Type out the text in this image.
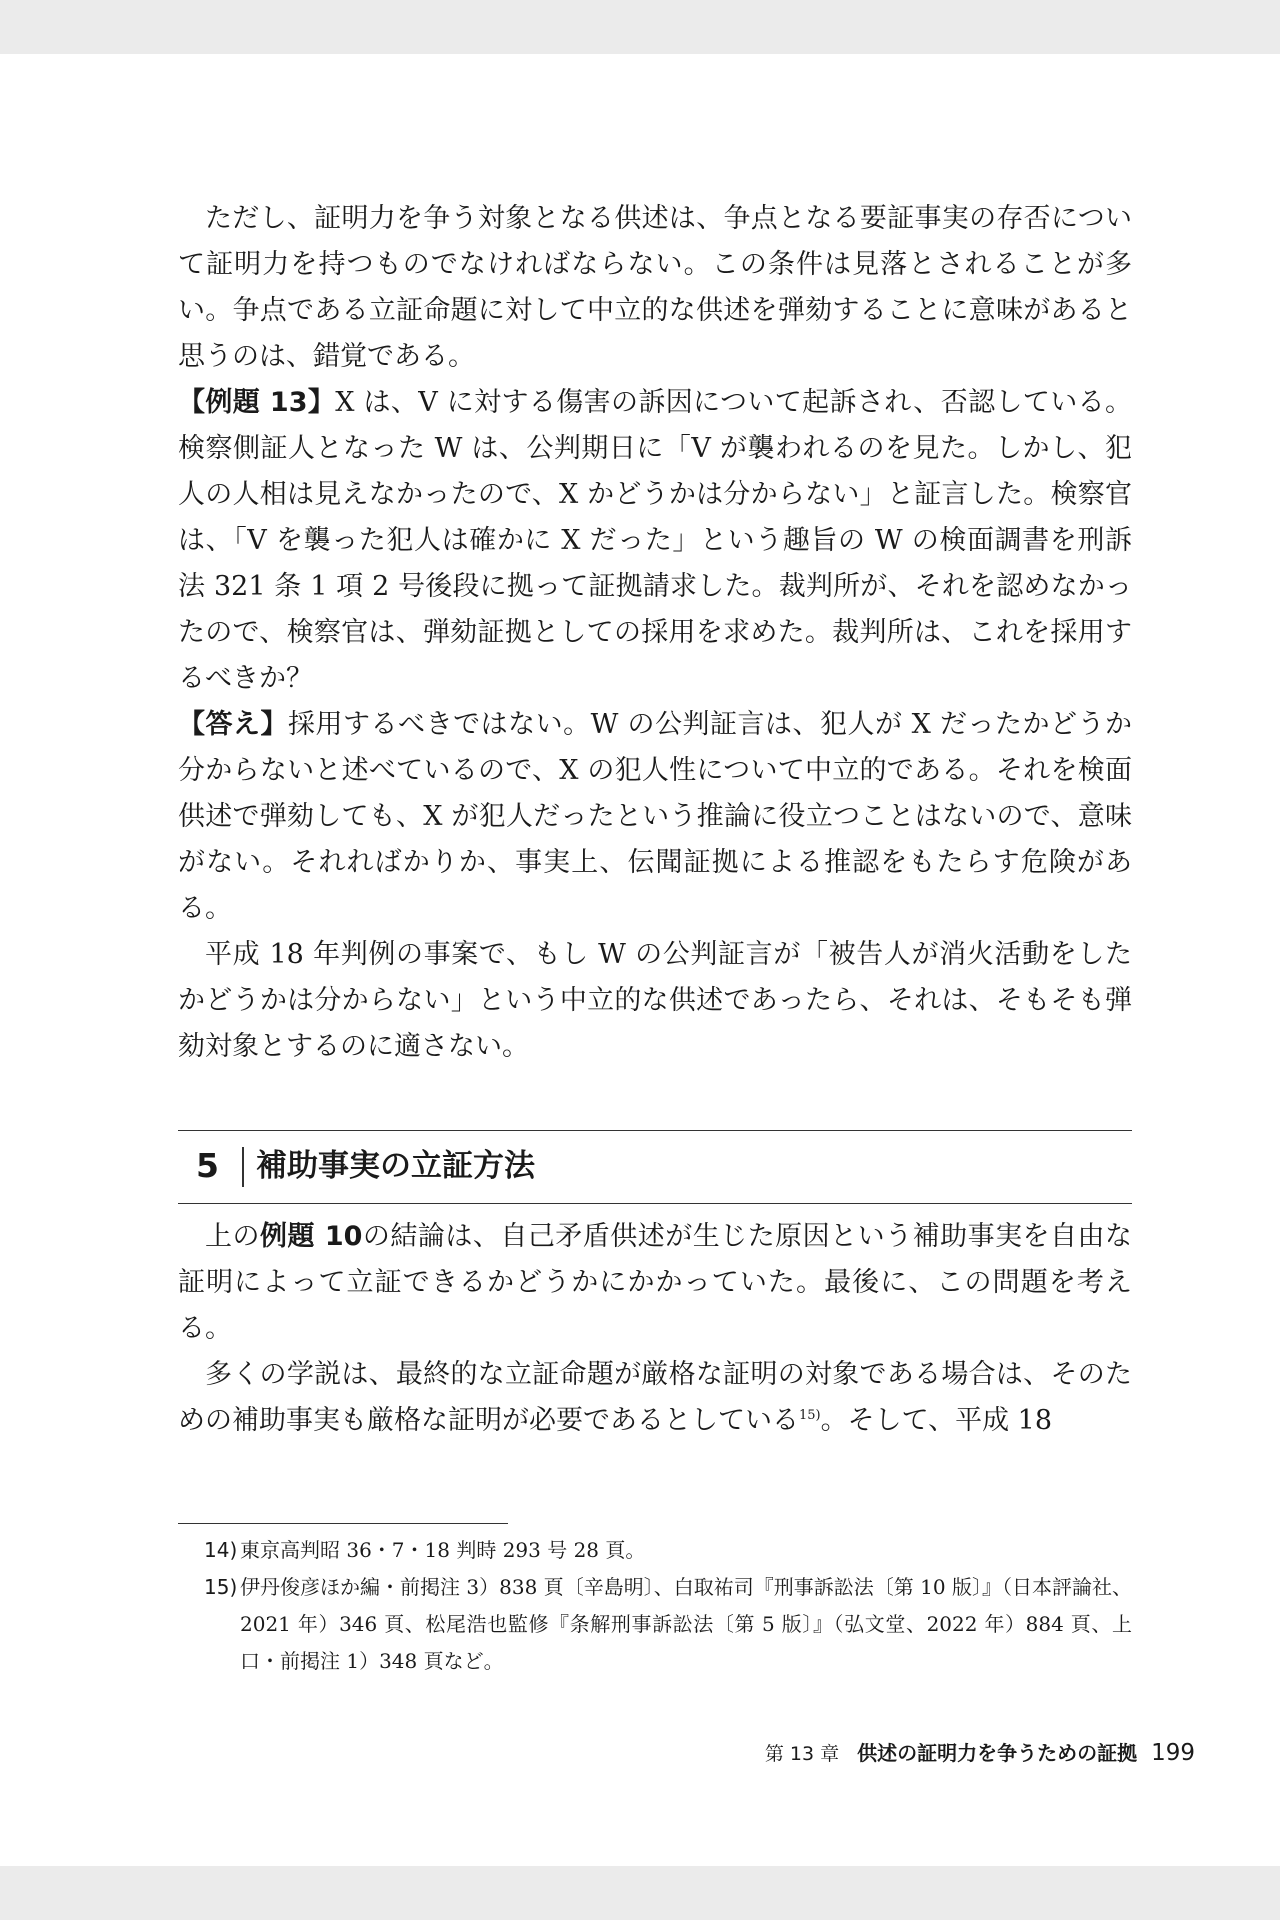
ただし、証明力を争う対象となる供述は、争点となる要証事実の存否について証明力を持つものでなければならない。この条件は見落とされることが多い。争点である立証命題に対して中立的な供述を弾劾することに意味があると思うのは、錯覚である。

【例題 13】X は、V に対する傷害の訴因について起訴され、否認している。検察側証人となった W は、公判期日に「V が襲われるのを見た。しかし、犯人の人相は見えなかったので、X かどうかは分からない」と証言した。検察官は、「V を襲った犯人は確かに X だった」という趣旨の W の検面調書を刑訴法 321 条 1 項 2 号後段に拠って証拠請求した。裁判所が、それを認めなかったので、検察官は、弾劾証拠としての採用を求めた。裁判所は、これを採用するべきか？

【答え】採用するべきではない。W の公判証言は、犯人が X だったかどうか分からないと述べているので、X の犯人性について中立的である。それを検面供述で弾劾しても、X が犯人だったという推論に役立つことはないので、意味がない。それればかりか、事実上、伝聞証拠による推認をもたらす危険がある。

平成 18 年判例の事案で、もし W の公判証言が「被告人が消火活動をしたかどうかは分からない」という中立的な供述であったら、それは、そもそも弾劾対象とするのに適さない。

5 補助事実の立証方法

上の例題 10の結論は、自己矛盾供述が生じた原因という補助事実を自由な証明によって立証できるかどうかにかかっていた。最後に、この問題を考える。

多くの学説は、最終的な立証命題が厳格な証明の対象である場合は、そのための補助事実も厳格な証明が必要であるとしている$^{15)}$。そして、平成 18

14) 東京高判昭 36・7・18 判時 293 号 28 頁。
15) 伊丹俊彦ほか編・前掲注 3）838 頁〔辛島明〕、白取祐司『刑事訴訟法〔第 10 版〕』（日本評論社、2021 年）346 頁、松尾浩也監修『条解刑事訴訟法〔第 5 版〕』（弘文堂、2022 年）884 頁、上口・前掲注 1）348 頁など。
第 13 章 供述の証明力を争うための証拠 199
